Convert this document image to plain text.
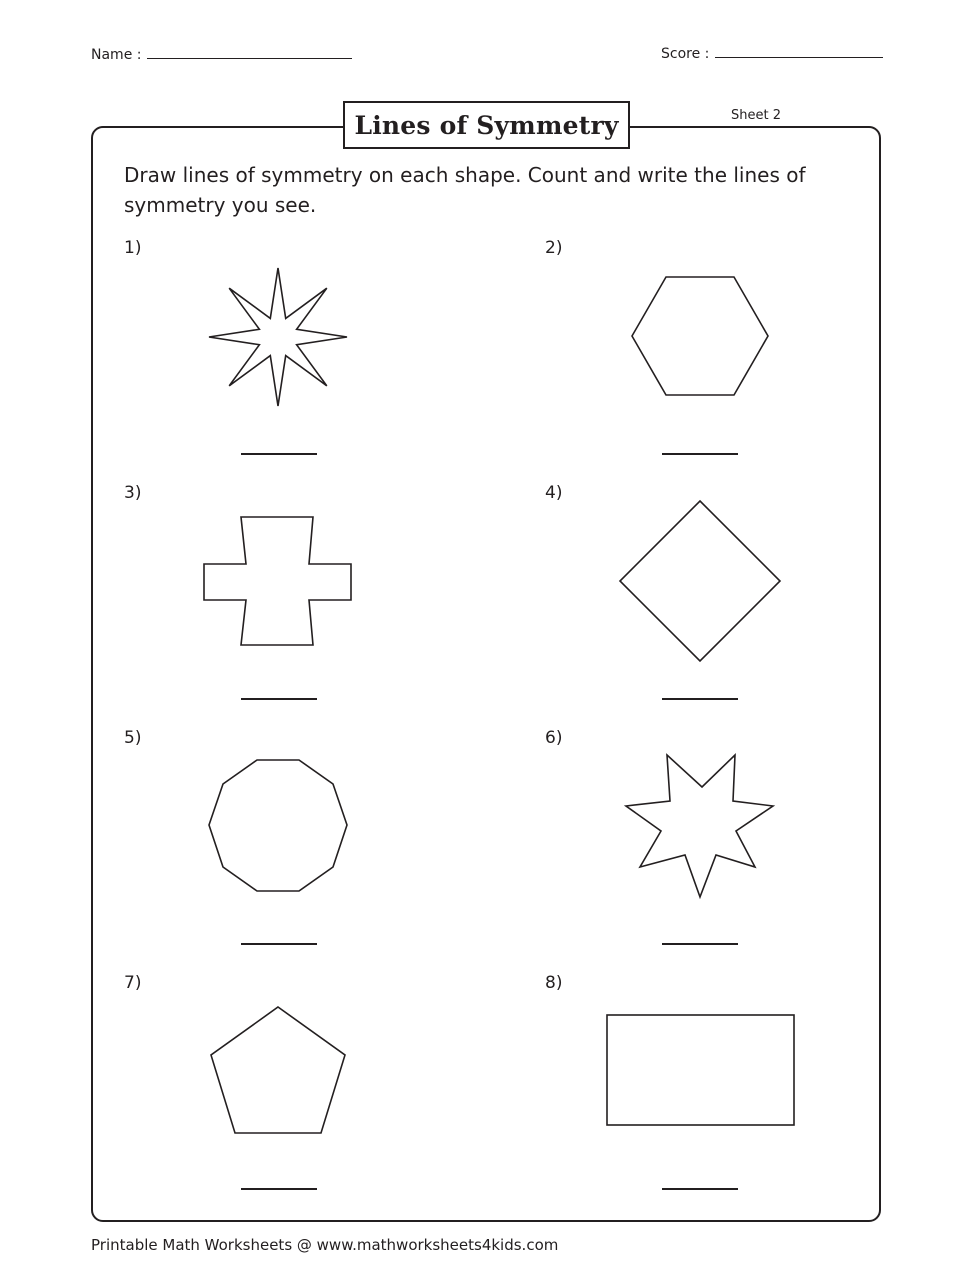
Name :	Score :
Lines of Symmetry	Sheet 2
Draw lines of symmetry on each shape. Count and write the lines of symmetry you see.
1)	2)
3)	4)
5)	6)
7)	8)
Printable Math Worksheets @ www.mathworksheets4kids.com
